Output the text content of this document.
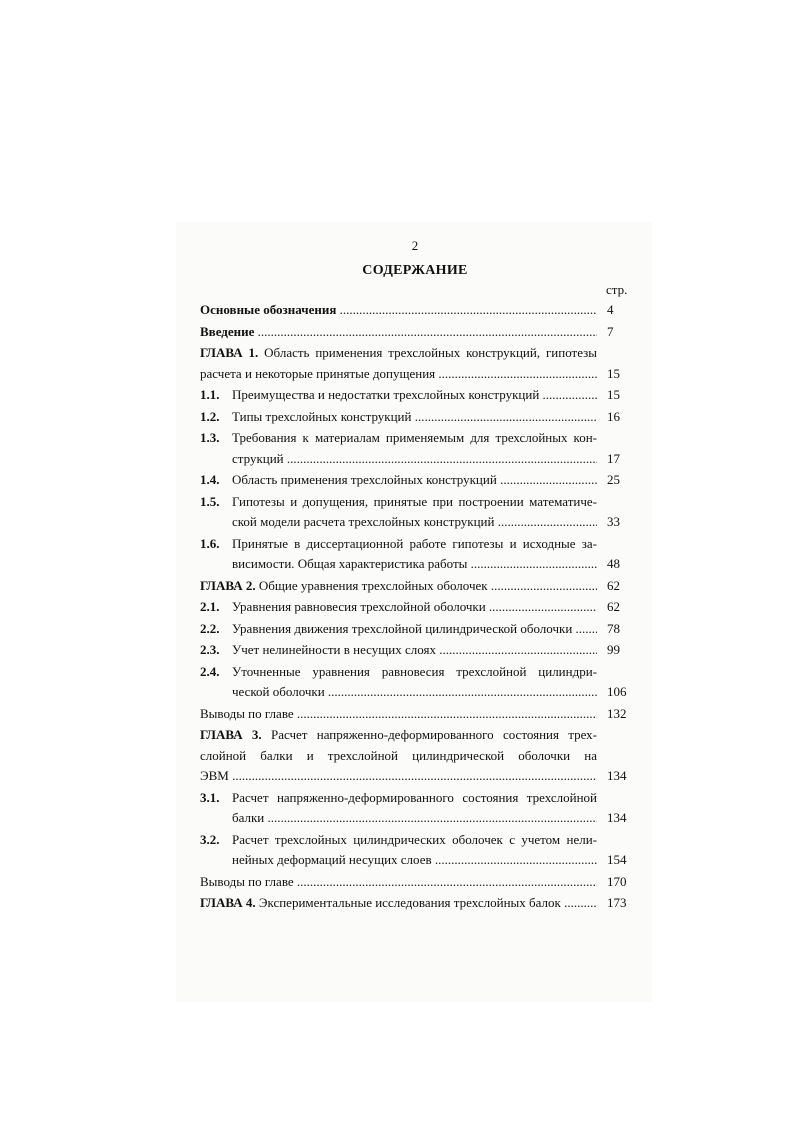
2
СОДЕРЖАНИЕ
стр.
Основные обозначения .....	4
Введение .....	7
ГЛАВА 1. Область применения трехслойных конструкций, гипотезы
расчета и некоторые принятые допущения .....	15
1.1. Преимущества и недостатки трехслойных конструкций .....	15
1.2. Типы трехслойных конструкций .....	16
1.3. Требования к материалам применяемым для трехслойных кон-
струкций .....	17
1.4. Область применения трехслойных конструкций .....	25
1.5. Гипотезы и допущения, принятые при построении математиче-
ской модели расчета трехслойных конструкций .....	33
1.6. Принятые в диссертационной работе гипотезы и исходные за-
висимости. Общая характеристика работы .....	48
ГЛАВА 2. Общие уравнения трехслойных оболочек .....	62
2.1. Уравнения равновесия трехслойной оболочки .....	62
2.2. Уравнения движения трехслойной цилиндрической оболочки .....	78
2.3. Учет нелинейности в несущих слоях .....	99
2.4. Уточненные уравнения равновесия трехслойной цилиндри-
ческой оболочки .....	106
Выводы по главе .....	132
ГЛАВА 3. Расчет напряженно-деформированного состояния трех-
слойной балки и трехслойной цилиндрической оболочки на
ЭВМ .....	134
3.1. Расчет напряженно-деформированного состояния трехслойной
балки .....	134
3.2. Расчет трехслойных цилиндрических оболочек с учетом нели-
нейных деформаций несущих слоев .....	154
Выводы по главе .....	170
ГЛАВА 4. Экспериментальные исследования трехслойных балок .....	173
